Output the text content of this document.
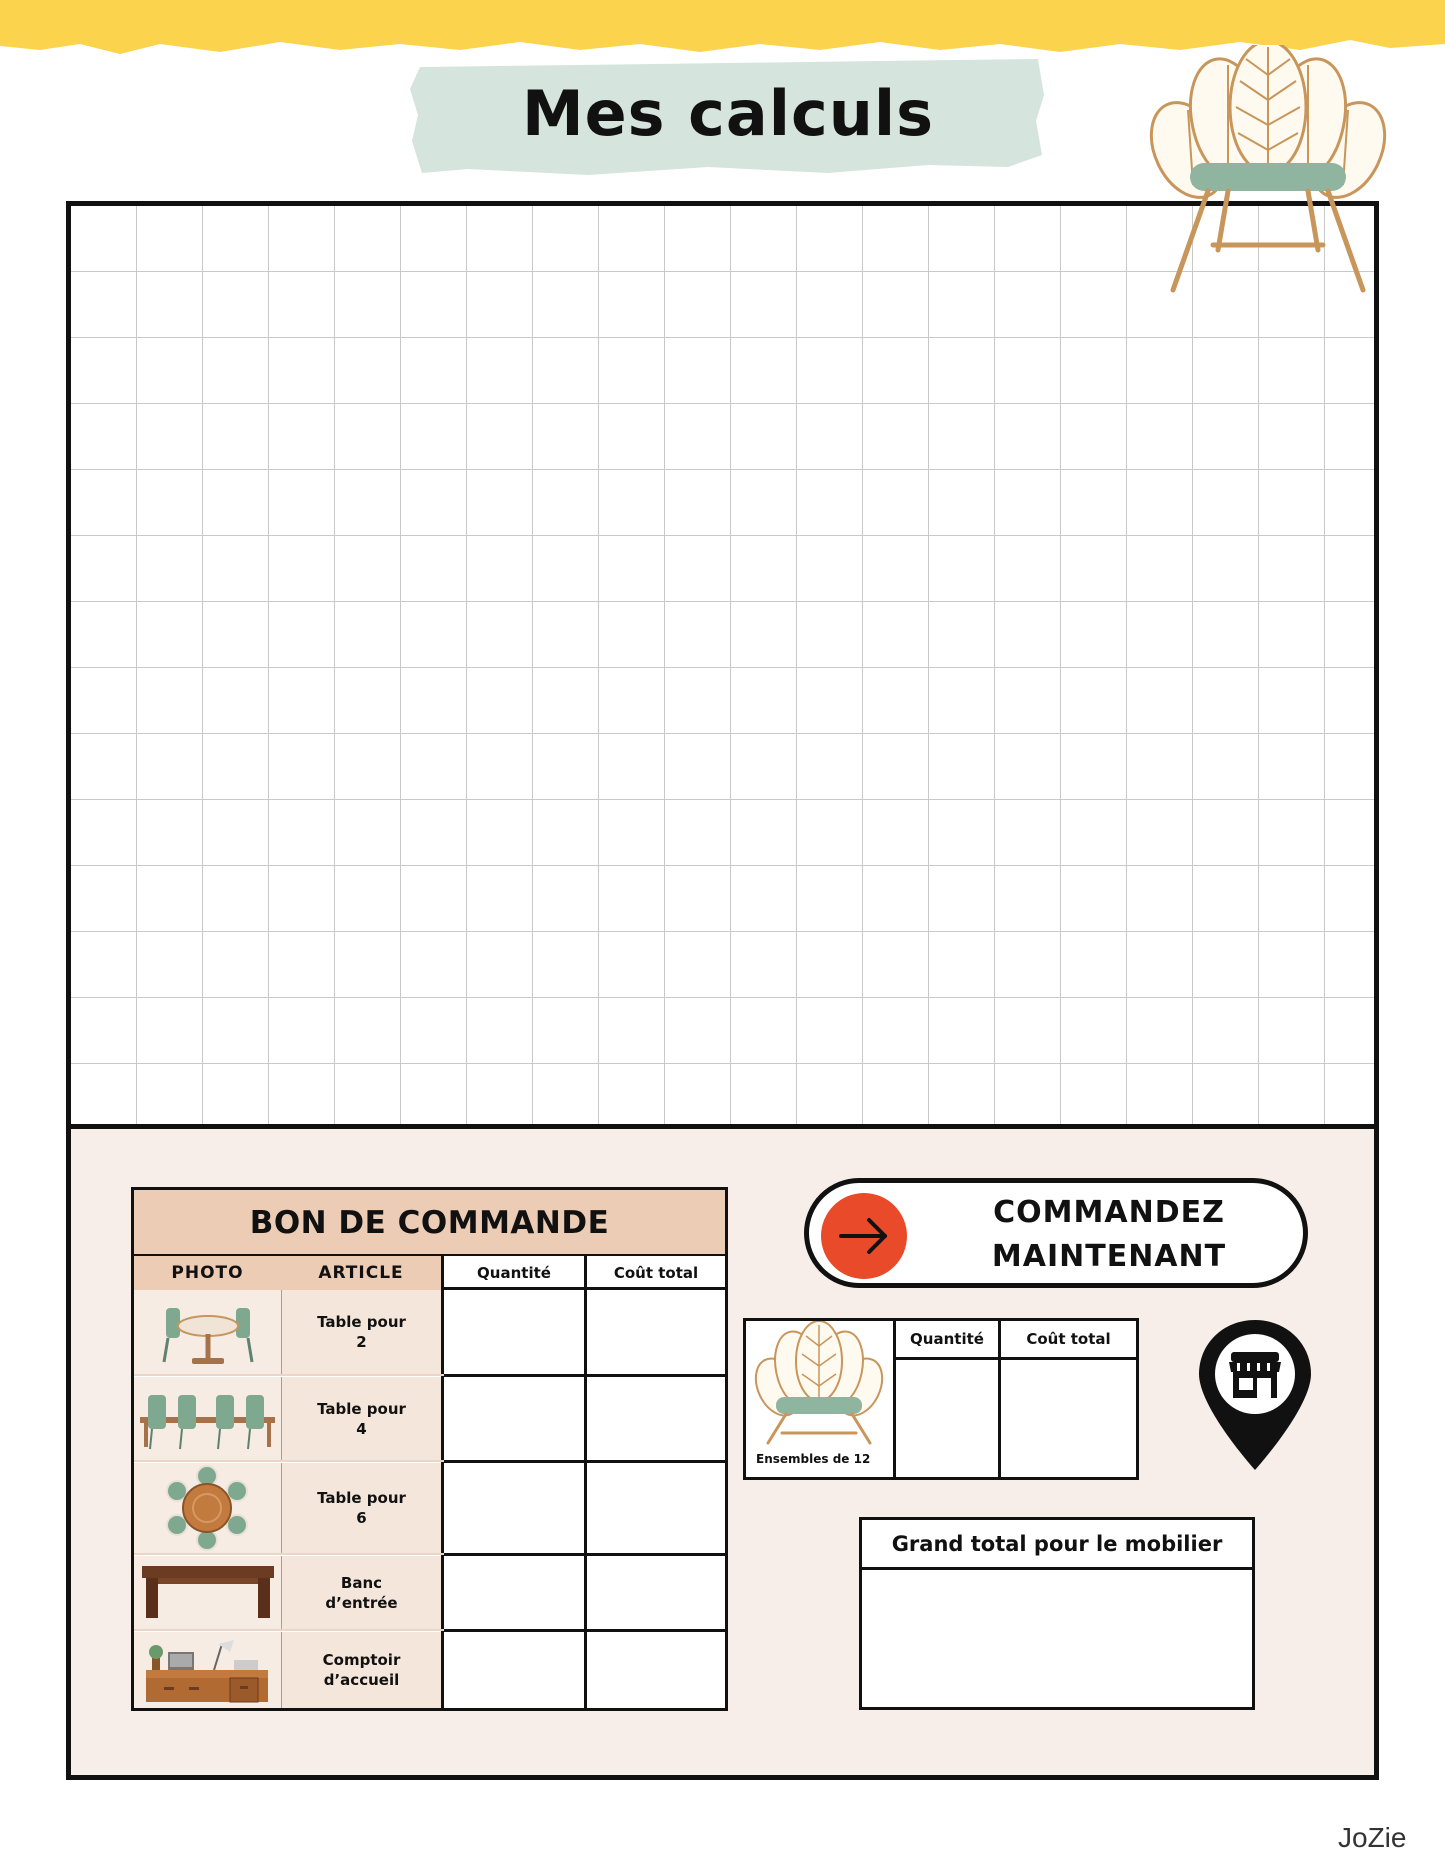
Mes calculs
BON DE COMMANDE
PHOTO	ARTICLE	Quantité	Coût total
Table pour 2
Table pour 4
Table pour 6
Banc d’entrée
Comptoir d’accueil
COMMANDEZ
MAINTENANT
Ensembles de 12
Quantité	Coût total
Grand total pour le mobilier
JoZie
